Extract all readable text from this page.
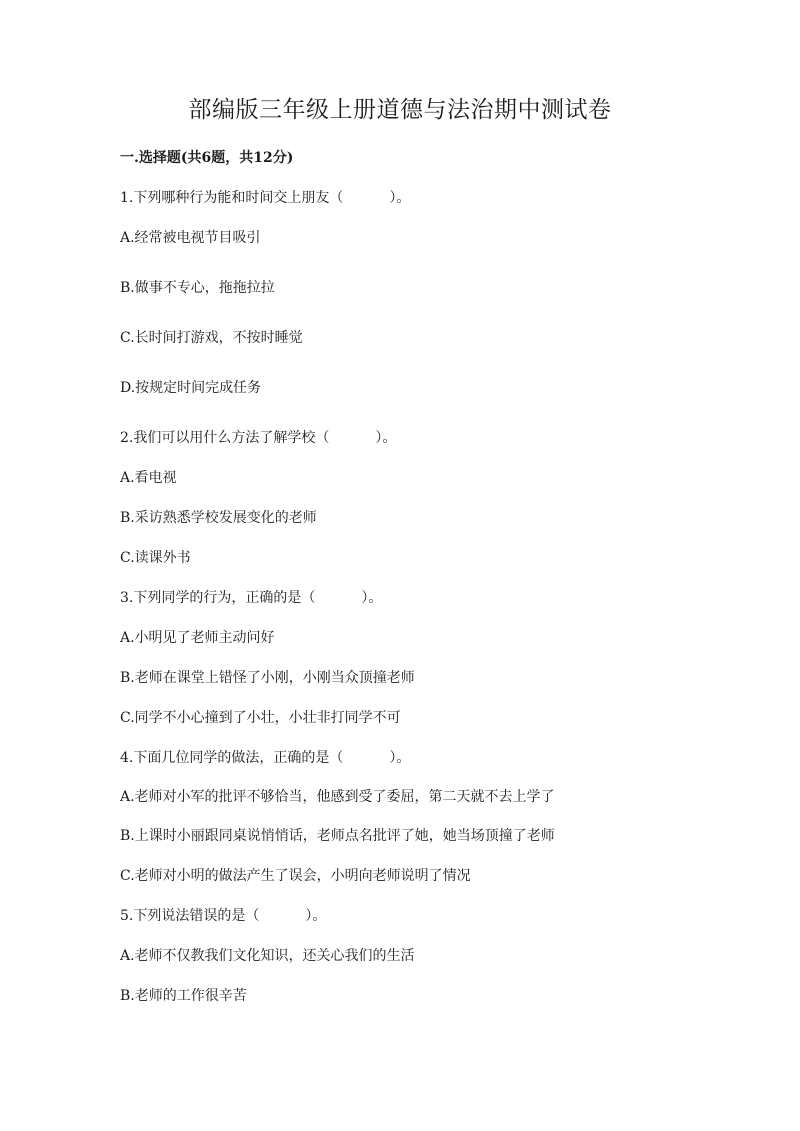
部编版三年级上册道德与法治期中测试卷
一.选择题(共6题，共12分)

1.下列哪种行为能和时间交上朋友（	）。

A.经常被电视节目吸引

B.做事不专心，拖拖拉拉

C.长时间打游戏，不按时睡觉

D.按规定时间完成任务

2.我们可以用什么方法了解学校（	）。

A.看电视

B.采访熟悉学校发展变化的老师

C.读课外书

3.下列同学的行为，正确的是（	）。

A.小明见了老师主动问好

B.老师在课堂上错怪了小刚，小刚当众顶撞老师

C.同学不小心撞到了小壮，小壮非打同学不可

4.下面几位同学的做法，正确的是（	）。

A.老师对小军的批评不够恰当，他感到受了委屈，第二天就不去上学了

B.上课时小丽跟同桌说悄悄话，老师点名批评了她，她当场顶撞了老师

C.老师对小明的做法产生了误会，小明向老师说明了情况

5.下列说法错误的是（	）。

A.老师不仅教我们文化知识，还关心我们的生活

B.老师的工作很辛苦
